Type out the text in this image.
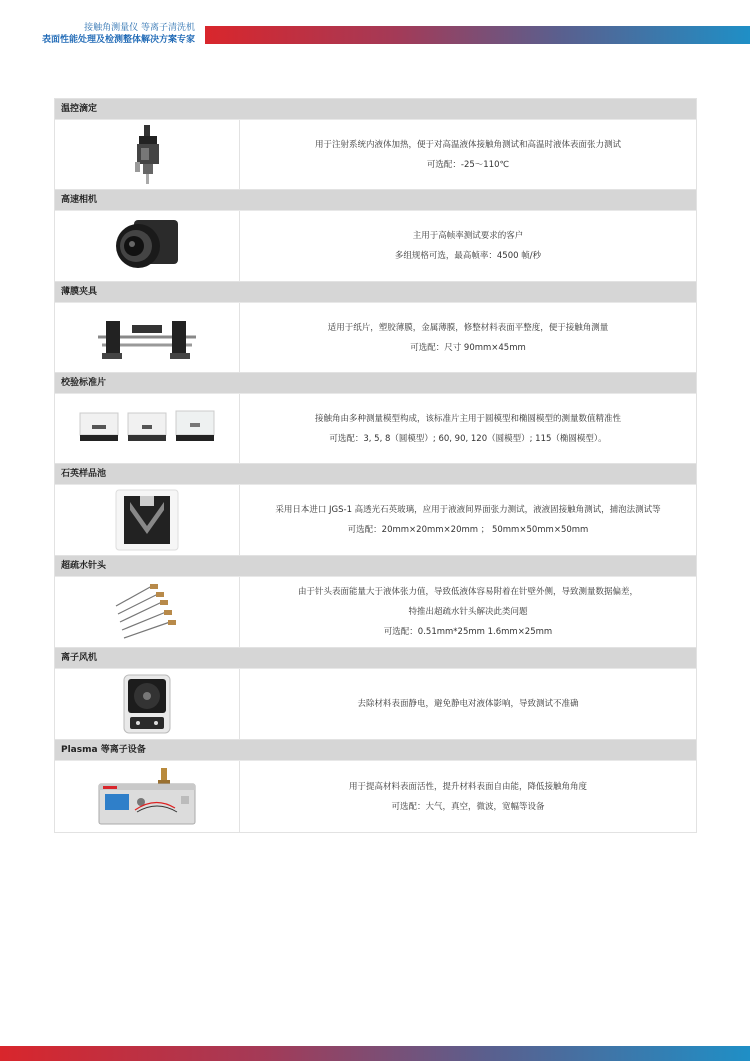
接触角测量仪 等离子清洗机
表面性能处理及检测整体解决方案专家
温控滴定
用于注射系统内液体加热，便于对高温液体接触角测试和高温时液体表面张力测试
可选配：-25～110℃
高速相机
主用于高帧率测试要求的客户
多组规格可选，最高帧率：4500 帧/秒
薄膜夹具
适用于纸片，塑胶薄膜，金属薄膜，修整材料表面平整度，便于接触角测量
可选配：尺寸 90mm×45mm
校验标准片
接触角由多种测量模型构成，该标准片主用于圆模型和椭圆模型的测量数值精准性
可选配：3, 5, 8（圆模型）; 60, 90, 120（圆模型）; 115（椭圆模型）。
石英样品池
采用日本进口 JGS-1 高透光石英玻璃，应用于液液间界面张力测试，液液固接触角测试，捕泡法测试等
可选配：20mm×20mm×20mm ； 50mm×50mm×50mm
超疏水针头
由于针头表面能量大于液体张力值，导致低液体容易附着在针壁外侧，导致测量数据偏差，
特推出超疏水针头解决此类问题
可选配：0.51mm*25mm 1.6mm×25mm
离子风机
去除材料表面静电，避免静电对液体影响，导致测试不准确
Plasma 等离子设备
用于提高材料表面活性，提升材料表面自由能，降低接触角角度
可选配：大气，真空，微波，宽幅等设备
